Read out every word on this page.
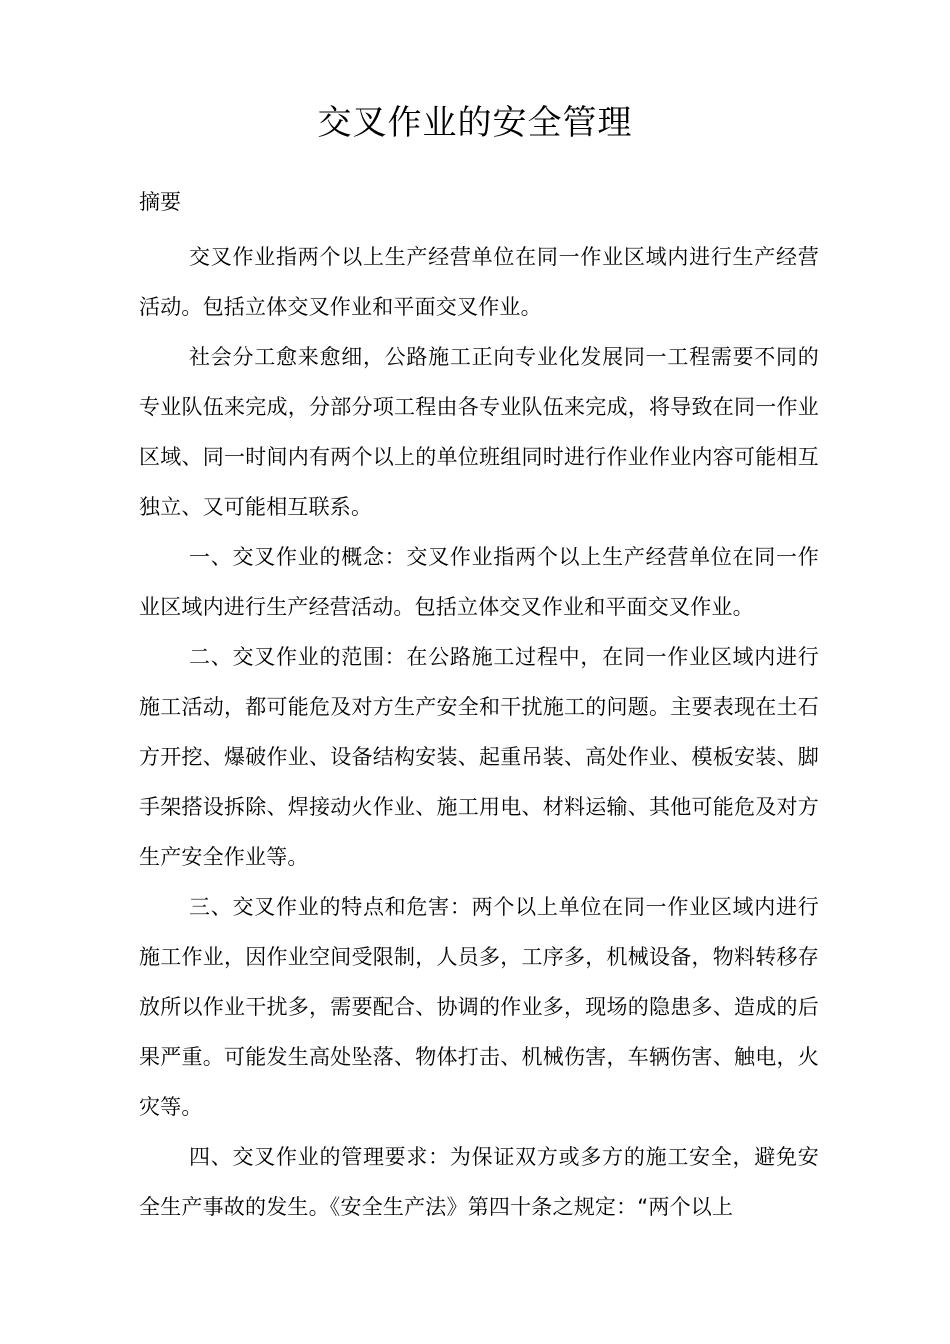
交叉作业的安全管理
摘要

交叉作业指两个以上生产经营单位在同一作业区域内进行生产经营活动。包括立体交叉作业和平面交叉作业。

社会分工愈来愈细，公路施工正向专业化发展同一工程需要不同的专业队伍来完成，分部分项工程由各专业队伍来完成，将导致在同一作业区域、同一时间内有两个以上的单位班组同时进行作业作业内容可能相互独立、又可能相互联系。

一、交叉作业的概念：交叉作业指两个以上生产经营单位在同一作业区域内进行生产经营活动。包括立体交叉作业和平面交叉作业。

二、交叉作业的范围：在公路施工过程中，在同一作业区域内进行施工活动，都可能危及对方生产安全和干扰施工的问题。主要表现在土石方开挖、爆破作业、设备结构安装、起重吊装、高处作业、模板安装、脚手架搭设拆除、焊接动火作业、施工用电、材料运输、其他可能危及对方生产安全作业等。

三、交叉作业的特点和危害：两个以上单位在同一作业区域内进行施工作业，因作业空间受限制，人员多，工序多，机械设备，物料转移存放所以作业干扰多，需要配合、协调的作业多，现场的隐患多、造成的后果严重。可能发生高处坠落、物体打击、机械伤害，车辆伤害、触电，火灾等。

四、交叉作业的管理要求：为保证双方或多方的施工安全，避免安全生产事故的发生。《安全生产法》第四十条之规定：“两个以上
